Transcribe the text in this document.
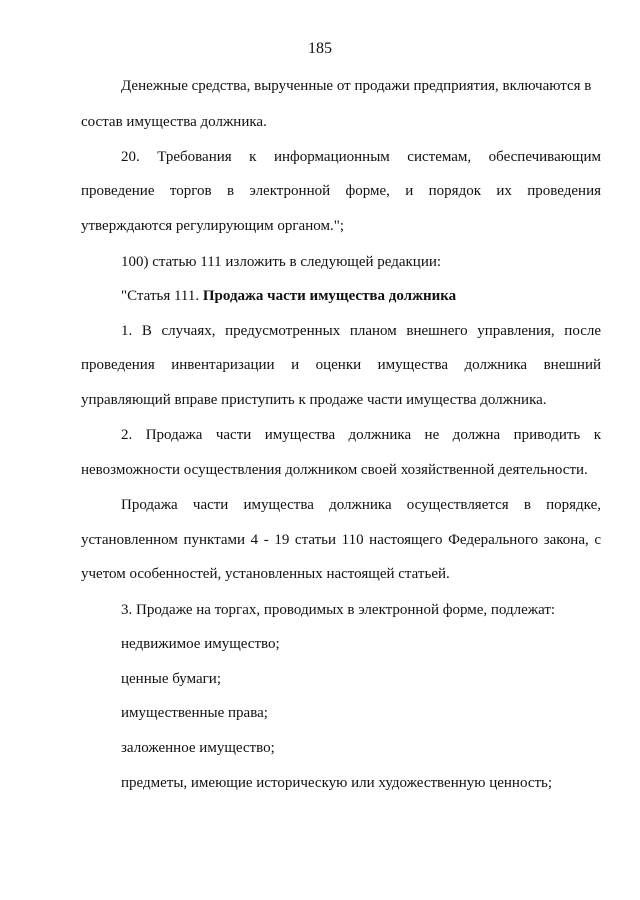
185
Денежные средства, вырученные от продажи предприятия, включаются в
состав имущества должника.
20. Требования к информационным системам, обеспечивающим
проведение торгов в электронной форме, и порядок их проведения
утверждаются регулирующим органом.";
100) статью 111 изложить в следующей редакции:
"Статья 111. Продажа части имущества должника
1. В случаях, предусмотренных планом внешнего управления, после
проведения инвентаризации и оценки имущества должника внешний
управляющий вправе приступить к продаже части имущества должника.
2. Продажа части имущества должника не должна приводить к
невозможности осуществления должником своей хозяйственной деятельности.
Продажа части имущества должника осуществляется в порядке,
установленном пунктами 4 - 19 статьи 110 настоящего Федерального закона, с
учетом особенностей, установленных настоящей статьей.
3. Продаже на торгах, проводимых в электронной форме, подлежат:
недвижимое имущество;
ценные бумаги;
имущественные права;
заложенное имущество;
предметы, имеющие историческую или художественную ценность;
